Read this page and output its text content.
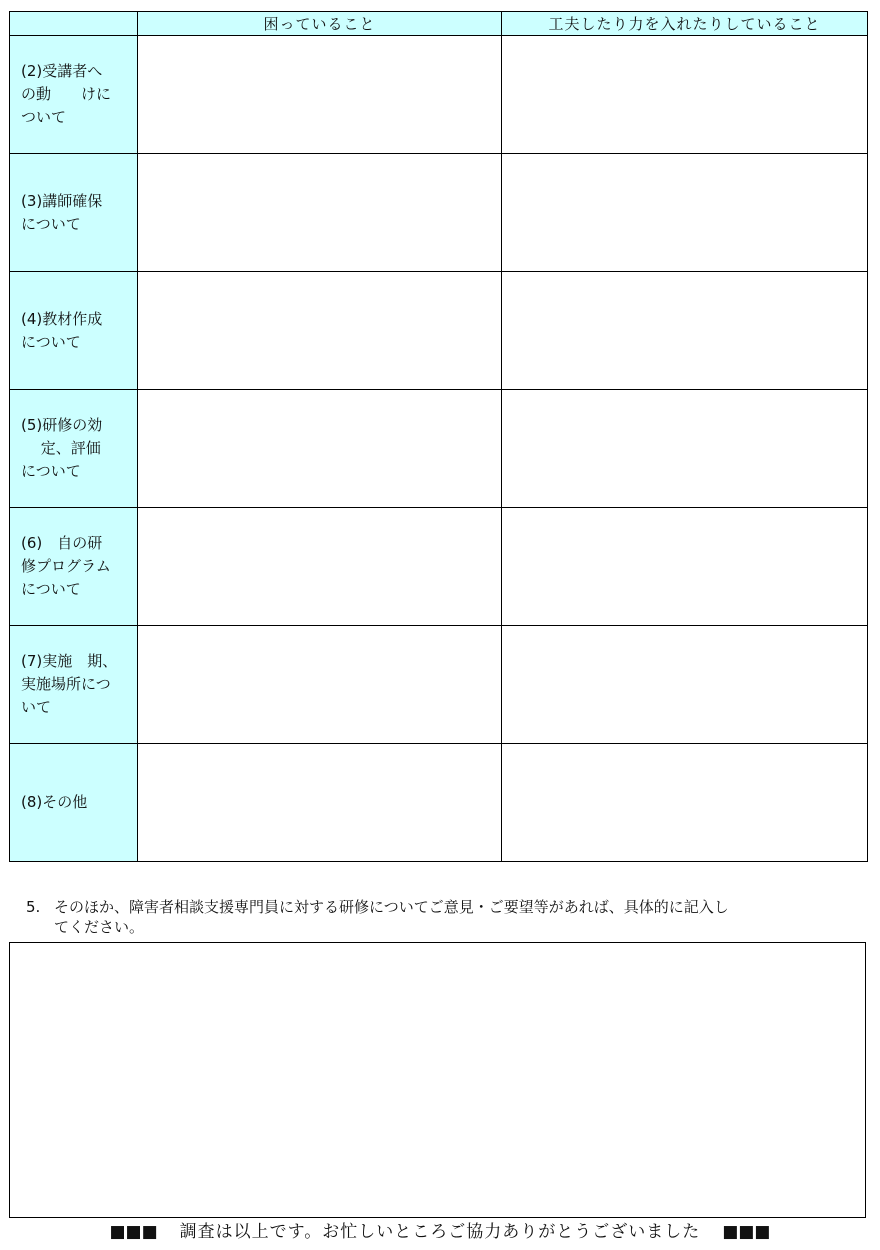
	困っていること	工夫したり力を入れたりしていること
(2)受講者へ
の動　　けに
ついて		
(3)講師確保
について		
(4)教材作成
について		
(5)研修の効
　 定、評価
について		
(6)　自の研
修プログラム
について		
(7)実施　期、
実施場所につ
いて		
(8)その他		
5. そのほか、障害者相談支援専門員に対する研修についてご意見・ご要望等があれば、具体的に記入し
てください。
■■■ 調査は以上です。お忙しいところご協力ありがとうございました ■■■
